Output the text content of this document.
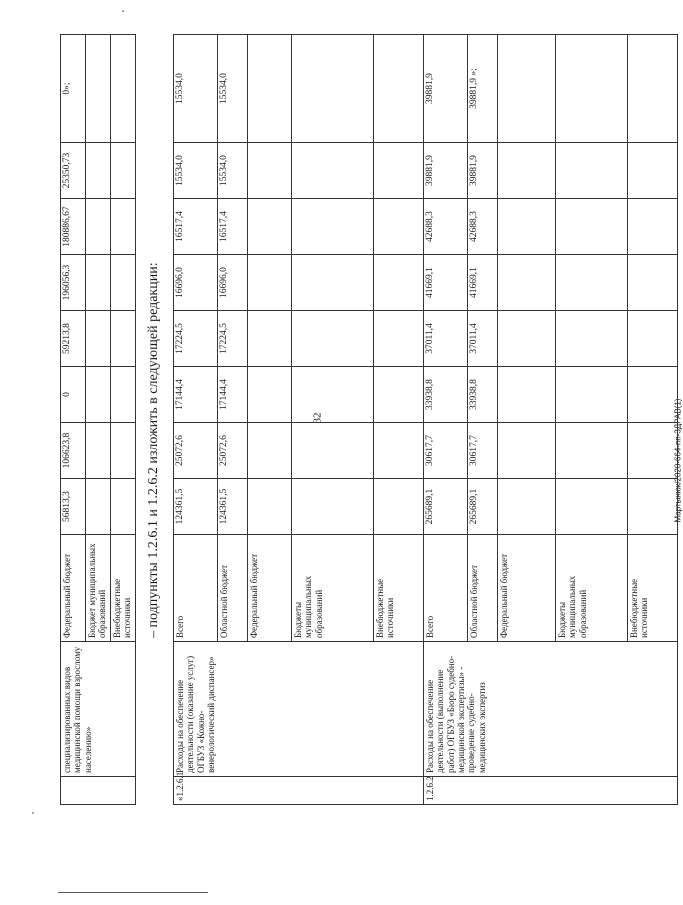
32	Мартынюк/2020-664-пп-3ДРАВ(1)
– подпункты 1.2.6.1 и 1.2.6.2 изложить в следующей редакции:
	специализированных видов медицинской помощи взрослому населению»	Федеральный бюджет	56813,3	106623,8	0	59213,8	196056,3	180886,67	25350,73	0»;
		Бюджет муниципальных образований								
		Внебюджетные источники								
«1.2.6.1	Расходы на обеспечение деятельности (оказание услуг) ОГБУЗ «Кожно-венерологический диспансер»	Всего	124361,5	25072,6	17144,4	17224,5	16696,0	16517,4	15534,0	15534,0
		Областной бюджет	124361,5	25072,6	17144,4	17224,5	16696,0	16517,4	15534,0	15534,0
		Федеральный бюджет								
		Бюджеты муниципальных образований								
		Внебюджетные источники								
1.2.6.2	Расходы на обеспечение деятельности (выполнение работ) ОГБУЗ «Бюро судебно-медицинской экспертизы» - проведение судебно-медицинских экспертиз	Всего	265689,1	30617,7	33938,8	37011,4	41669,1	42688,3	39881,9	39881,9
		Областной бюджет	265689,1	30617,7	33938,8	37011,4	41669,1	42688,3	39881,9	39881,9 »;
		Федеральный бюджет								
		Бюджеты муниципальных образований								
		Внебюджетные источники								
